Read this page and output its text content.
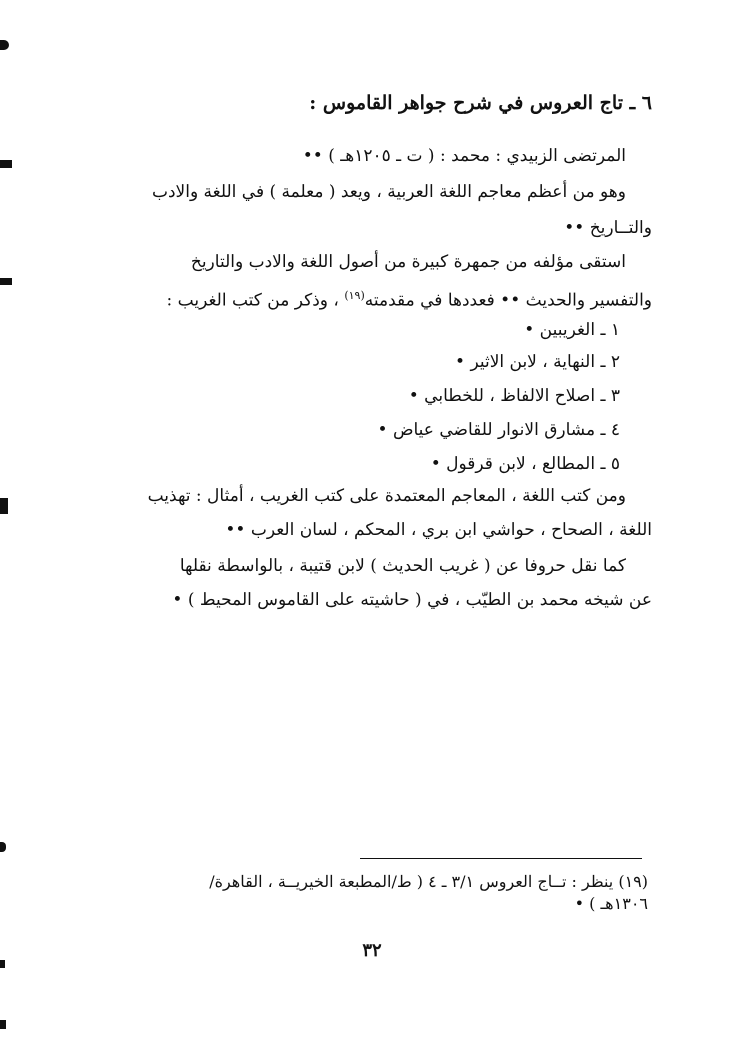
٦ ـ تاج العروس في شرح جواهر القاموس :
المرتضى الزبيدي : محمد : ( ت ـ ١٢٠٥هـ ) ••
وهو من أعظم معاجم اللغة العربية ، ويعد ( معلمة ) في اللغة والادب
والتــاريخ ••
استقى مؤلفه من جمهرة كبيرة من أصول اللغة والادب والتاريخ
والتفسير والحديث •• فعددها في مقدمته$^{(١٩)}$ ، وذكر من كتب الغريب :
١ ـ الغريبين •
٢ ـ النهاية ، لابن الاثير •
٣ ـ اصلاح الالفاظ ، للخطابي •
٤ ـ مشارق الانوار للقاضي عياض •
٥ ـ المطالع ، لابن قرقول •
ومن كتب اللغة ، المعاجم المعتمدة على كتب الغريب ، أمثال : تهذيب
اللغة ، الصحاح ، حواشي ابن بري ، المحكم ، لسان العرب ••
كما نقل حروفا عن ( غريب الحديث ) لابن قتيبة ، بالواسطة نقلها
عن شيخه محمد بن الطيّب ، في ( حاشيته على القاموس المحيط ) •
(١٩) ينظر : تــاج العروس ٣/١ ـ ٤ ( ط/المطبعة الخيريــة ، القاهرة/
١٣٠٦هـ ) •
٣٢
